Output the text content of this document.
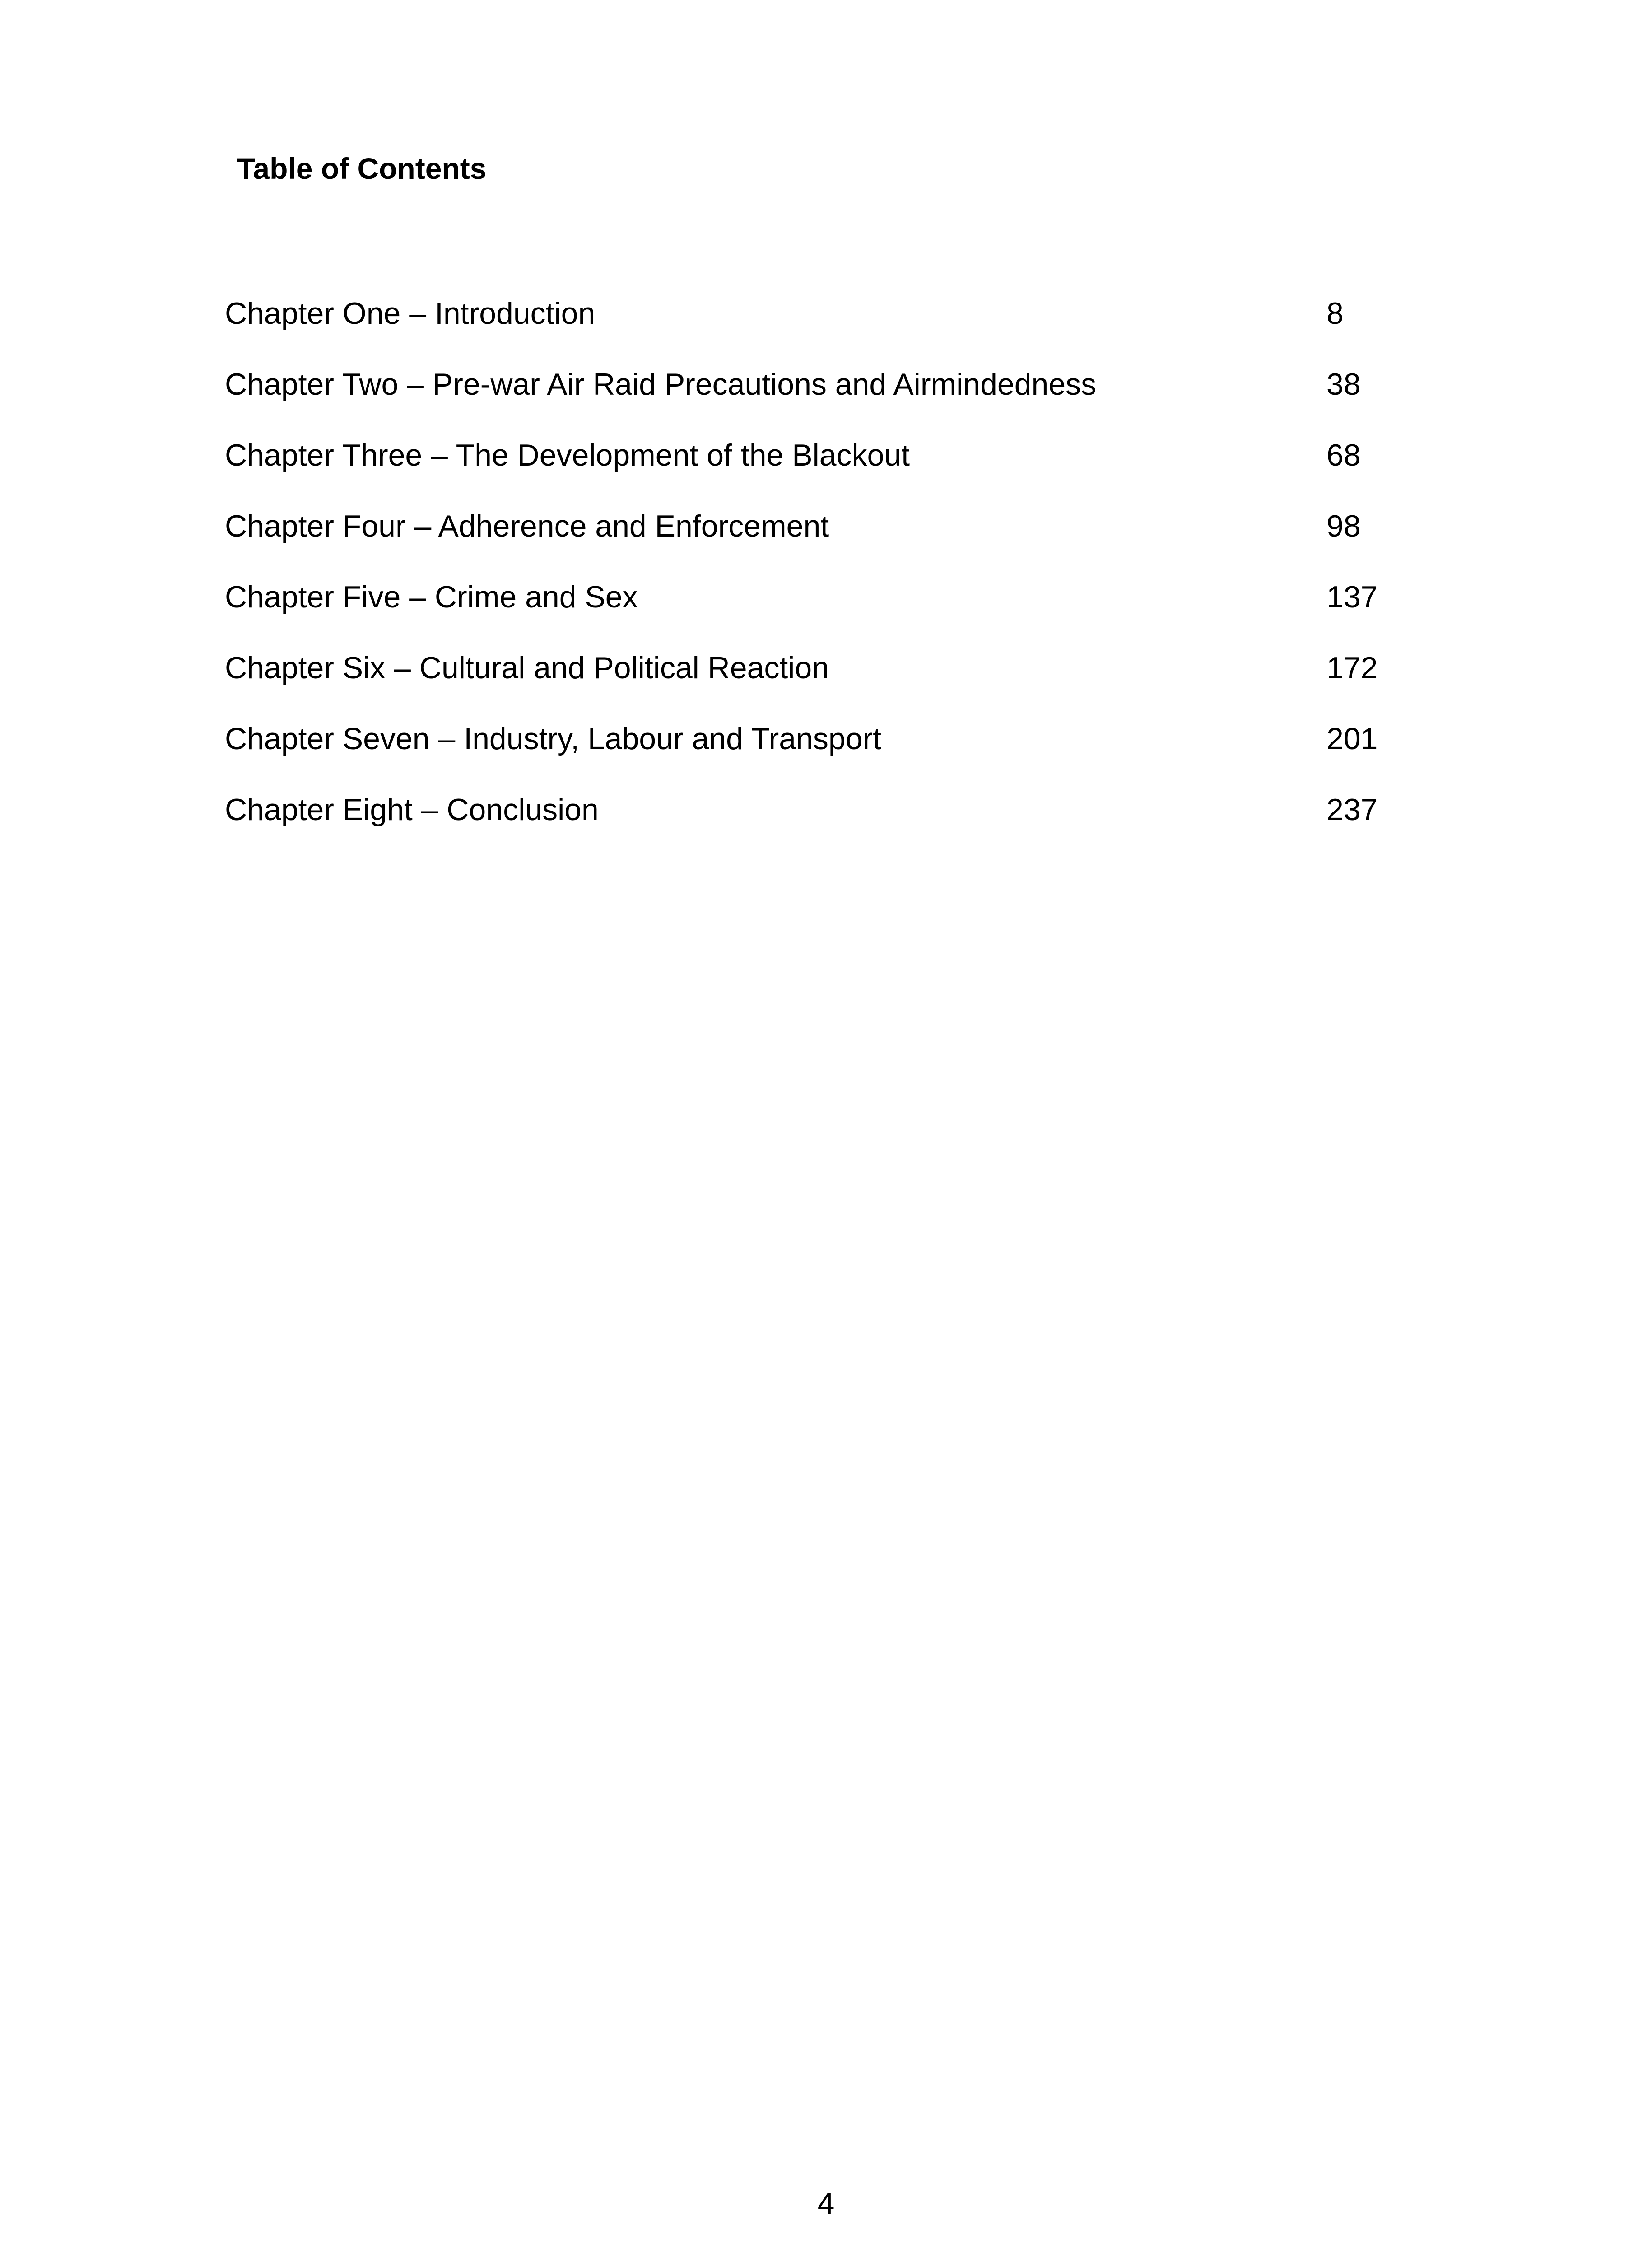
Table of Contents
Chapter One – Introduction	8
Chapter Two – Pre-war Air Raid Precautions and Airmindedness	38
Chapter Three – The Development of the Blackout	68
Chapter Four – Adherence and Enforcement	98
Chapter Five – Crime and Sex	137
Chapter Six – Cultural and Political Reaction	172
Chapter Seven – Industry, Labour and Transport	201
Chapter Eight – Conclusion	237
4
